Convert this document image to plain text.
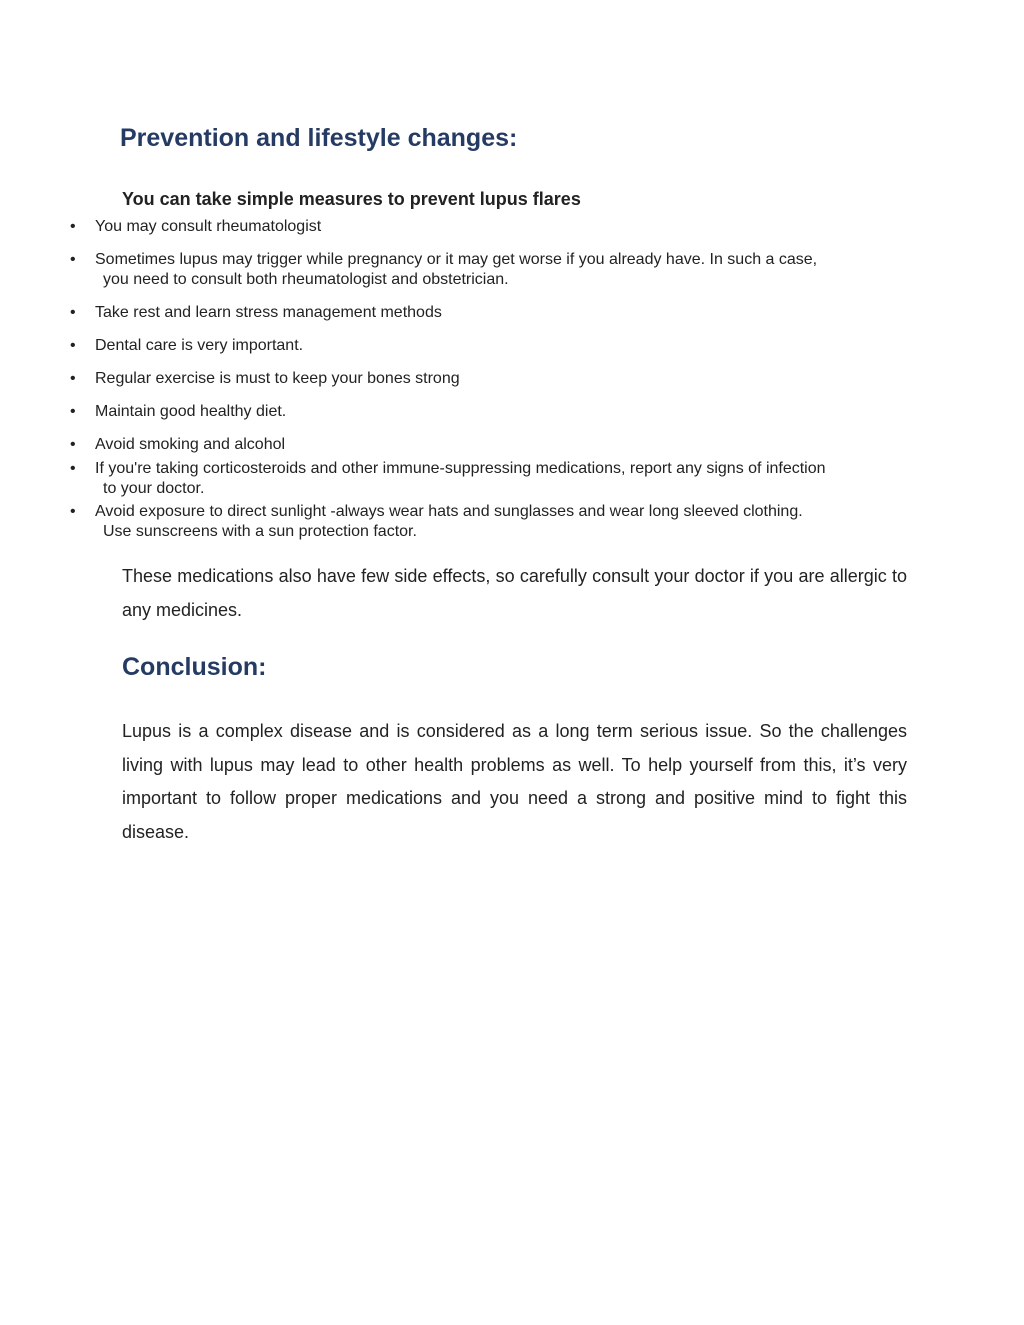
Prevention and lifestyle changes:
You can take simple measures to prevent lupus flares
•	You may consult rheumatologist
•	Sometimes lupus may trigger while pregnancy or it may get worse if you already have. In such a case,
you need to consult both rheumatologist and obstetrician.
•	Take rest and learn stress management methods
•	Dental care is very important.
•	Regular exercise is must to keep your bones strong
•	Maintain good healthy diet.
•	Avoid smoking and alcohol
•	If you're taking corticosteroids and other immune-suppressing medications, report any signs of infection
to your doctor.
•	Avoid exposure to direct sunlight -always wear hats and sunglasses and wear long sleeved clothing.
Use sunscreens with a sun protection factor.

These medications also have few side effects, so carefully consult your doctor if you are allergic to any medicines.

Conclusion:

Lupus is a complex disease and is considered as a long term serious issue. So the challenges living with lupus may lead to other health problems as well. To help yourself from this, it’s very important to follow proper medications and you need a strong and positive mind to fight this disease.
